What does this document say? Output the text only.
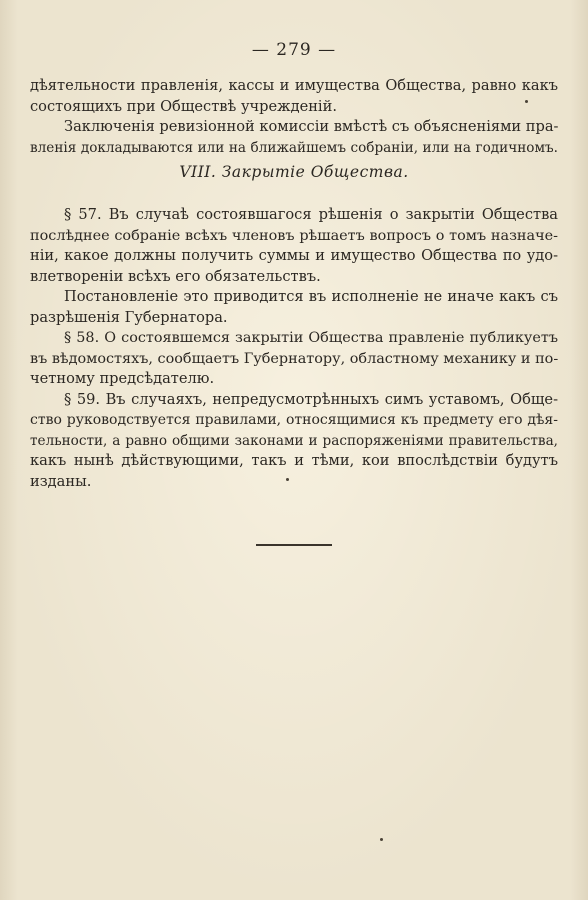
— 279 —
дѣятельности правленія, кассы и имущества Общества, равно какъ
состоящихъ при Обществѣ учрежденій.
Заключенія ревизіонной комиссіи вмѣстѣ съ объясненіями пра-
вленія докладываются или на ближайшемъ собраніи, или на годичномъ.
VIII. Закрытіе Общества.
§ 57. Въ случаѣ состоявшагося рѣшенія о закрытіи Общества
послѣднее собраніе всѣхъ членовъ рѣшаетъ вопросъ о томъ назначе-
ніи, какое должны получить суммы и имущество Общества по удо-
влетвореніи всѣхъ его обязательствъ.
Постановленіе это приводится въ исполненіе не иначе какъ съ
разрѣшенія Губернатора.
§ 58. О состоявшемся закрытіи Общества правленіе публикуетъ
въ вѣдомостяхъ, сообщаетъ Губернатору, областному механику и по-
четному предсѣдателю.
§ 59. Въ случаяхъ, непредусмотрѣнныхъ симъ уставомъ, Обще-
ство руководствуется правилами, относящимися къ предмету его дѣя-
тельности, а равно общими законами и распоряженіями правительства,
какъ нынѣ дѣйствующими, такъ и тѣми, кои впослѣдствіи будутъ
изданы.
